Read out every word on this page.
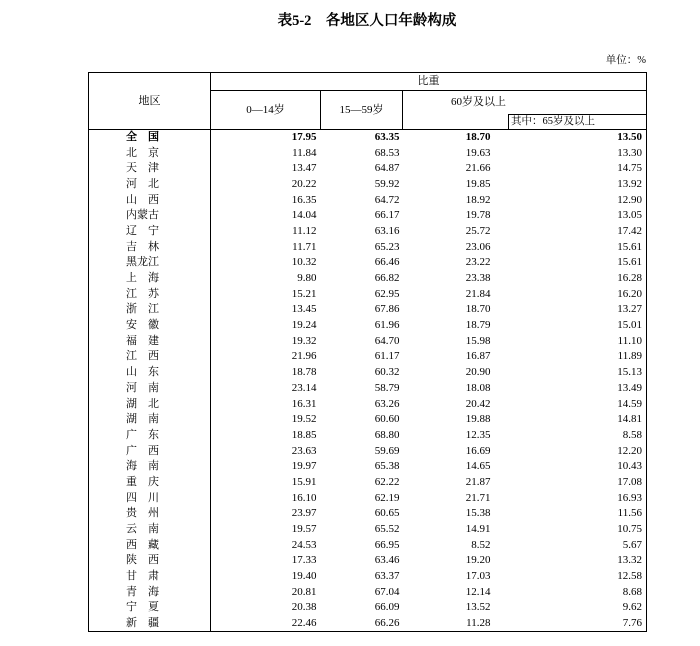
表5-2　各地区人口年龄构成
单位：%
地区	比重			
	0—14岁	15—59岁	60岁及以上	
				其中：65岁及以上
全　国	17.95	63.35	18.70	13.50
北　京	11.84	68.53	19.63	13.30
天　津	13.47	64.87	21.66	14.75
河　北	20.22	59.92	19.85	13.92
山　西	16.35	64.72	18.92	12.90
内蒙古	14.04	66.17	19.78	13.05
辽　宁	11.12	63.16	25.72	17.42
吉　林	11.71	65.23	23.06	15.61
黑龙江	10.32	66.46	23.22	15.61
上　海	9.80	66.82	23.38	16.28
江　苏	15.21	62.95	21.84	16.20
浙　江	13.45	67.86	18.70	13.27
安　徽	19.24	61.96	18.79	15.01
福　建	19.32	64.70	15.98	11.10
江　西	21.96	61.17	16.87	11.89
山　东	18.78	60.32	20.90	15.13
河　南	23.14	58.79	18.08	13.49
湖　北	16.31	63.26	20.42	14.59
湖　南	19.52	60.60	19.88	14.81
广　东	18.85	68.80	12.35	8.58
广　西	23.63	59.69	16.69	12.20
海　南	19.97	65.38	14.65	10.43
重　庆	15.91	62.22	21.87	17.08
四　川	16.10	62.19	21.71	16.93
贵　州	23.97	60.65	15.38	11.56
云　南	19.57	65.52	14.91	10.75
西　藏	24.53	66.95	8.52	5.67
陕　西	17.33	63.46	19.20	13.32
甘　肃	19.40	63.37	17.03	12.58
青　海	20.81	67.04	12.14	8.68
宁　夏	20.38	66.09	13.52	9.62
新　疆	22.46	66.26	11.28	7.76
